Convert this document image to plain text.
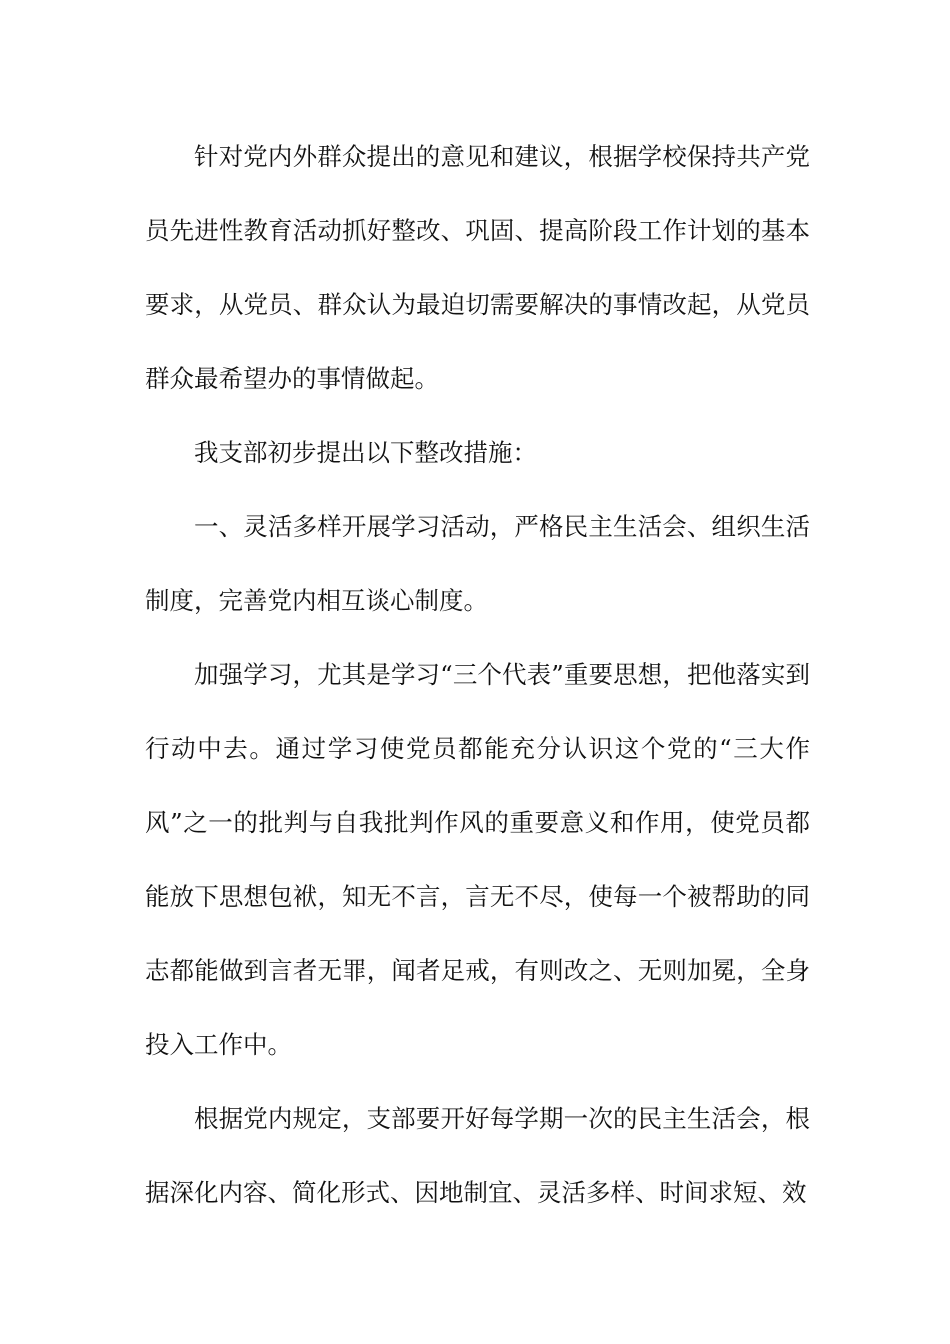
针对党内外群众提出的意见和建议，根据学校保持共产党员先进性教育活动抓好整改、巩固、提高阶段工作计划的基本要求，从党员、群众认为最迫切需要解决的事情改起，从党员群众最希望办的事情做起。

我支部初步提出以下整改措施：

一、灵活多样开展学习活动，严格民主生活会、组织生活制度，完善党内相互谈心制度。

加强学习，尤其是学习“三个代表”重要思想，把他落实到行动中去。通过学习使党员都能充分认识这个党的“三大作风”之一的批判与自我批判作风的重要意义和作用，使党员都能放下思想包袱，知无不言，言无不尽，使每一个被帮助的同志都能做到言者无罪，闻者足戒，有则改之、无则加冕，全身投入工作中。

根据党内规定，支部要开好每学期一次的民主生活会，根据深化内容、简化形式、因地制宜、灵活多样、时间求短、效
